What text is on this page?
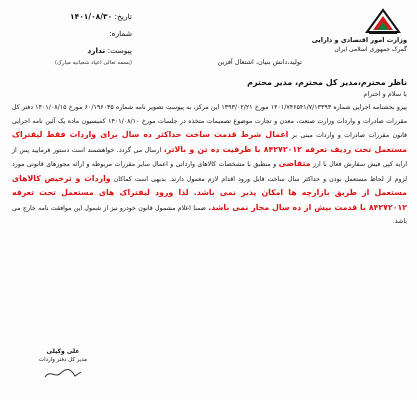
وزارت امور اقتصادی و دارایی
گمرک جمهوری اسلامی ایران
تاریخ: ۱۴۰۱/۰۸/۳۰
شماره:
پیوست: ندارد
(بسمه تعالی اعیاد شعبانیه مبارک)	تولید،دانش بنیان، اشتغال آفرین
ناظر محترم،مدیر کل محترم، مدیر محترم
با سلام و احترام

پیرو بخشنامه اجرایی شماره ۱۴۰۱/۷۴۶۵۴۱/۷/۱۳۳۹۳ مورخ ۱۳۹۳/۰۲/۲۱ این مرکز، به پیوست تصویر نامه شماره ۶۰/۱۹۶۰۳۵ مورخ ۱۴۰۱/۰۸/۱۵ دفتر کل مقررات صادرات و واردات وزارت صنعت، معدن و تجارت موضوع تصمیمات متخذه در جلسات مورخ ۱۴۰۱/۰۸/۱۰ کمیسیون ماده یک آئین نامه اجرایی قانون مقررات صادرات و واردات مبنی بر اعمال شرط قدمت ساخت حداکثر ده سال برای واردات فقط لیفتراک مستعمل تحت ردیف تعرفه ۸۴۲۷۲۰۱۲ با ظرفیت ده تن و بالاتر، ارسال می گردد. خواهشمند است دستور فرمایید پس از ارایه کپی فیش سفارش فعال با ارز متقاضی و منطبق با مشخصات کالاهای وارداتی و اعمال سایر مقررات مربوطه و ارائه مجوزهای قانونی مورد لزوم از لحاظ مستعمل بودن و حداکثر سال ساخت قابل ورود اقدام لازم معمول دارند. بدیهی است کماکان واردات و ترخیص کالاهای مستعمل از طریق بازارچه ها امکان پذیر نمی باشد. لذا ورود لیفتراک های مستعمل تحت تعرفه ۸۴۲۷۲۰۱۲ با قدمت بیش از ده سال مجاز نمی باشد. ضمنا اعلام مشمول قانون خودرو نیز از شمول این موافقت نامه خارج می باشد.

علی وکیلی
مدیر کل دفتر واردات
